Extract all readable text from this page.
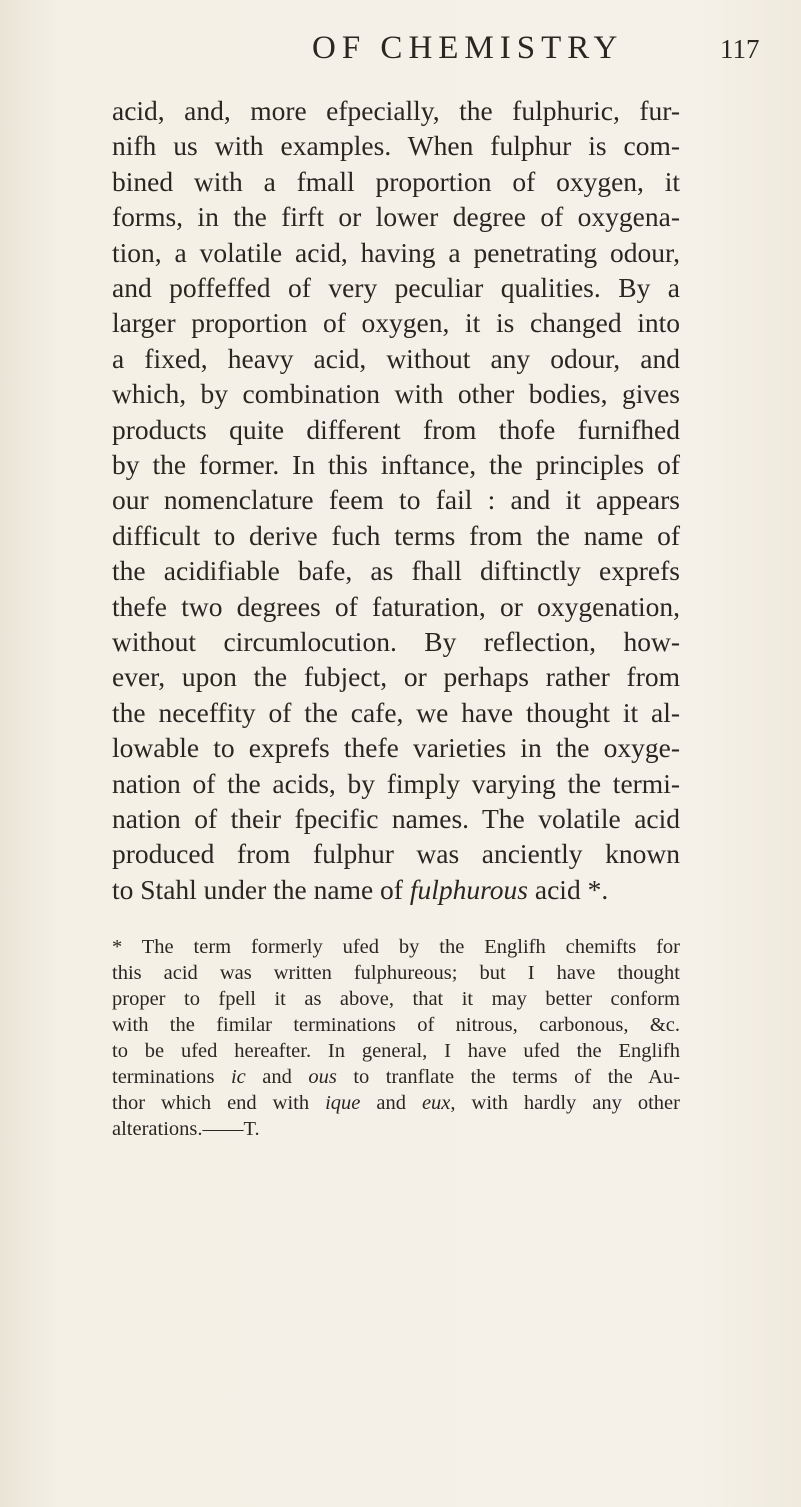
OF CHEMISTRY	117
acid, and, more efpecially, the fulphuric, fur-
nifh us with examples. When fulphur is com-
bined with a fmall proportion of oxygen, it
forms, in the firft or lower degree of oxygena-
tion, a volatile acid, having a penetrating odour,
and poffeffed of very peculiar qualities. By a
larger proportion of oxygen, it is changed into
a fixed, heavy acid, without any odour, and
which, by combination with other bodies, gives
products quite different from thofe furnifhed
by the former. In this inftance, the principles of
our nomenclature feem to fail : and it appears
difficult to derive fuch terms from the name of
the acidifiable bafe, as fhall diftinctly exprefs
thefe two degrees of faturation, or oxygenation,
without circumlocution. By reflection, how-
ever, upon the fubject, or perhaps rather from
the neceffity of the cafe, we have thought it al-
lowable to exprefs thefe varieties in the oxyge-
nation of the acids, by fimply varying the termi-
nation of their fpecific names. The volatile acid
produced from fulphur was anciently known
to Stahl under the name of fulphurous acid *.
* The term formerly ufed by the Englifh chemifts for
this acid was written fulphureous; but I have thought
proper to fpell it as above, that it may better conform
with the fimilar terminations of nitrous, carbonous, &c.
to be ufed hereafter. In general, I have ufed the Englifh
terminations ic and ous to tranflate the terms of the Au-
thor which end with ique and eux, with hardly any other
alterations.——T.
